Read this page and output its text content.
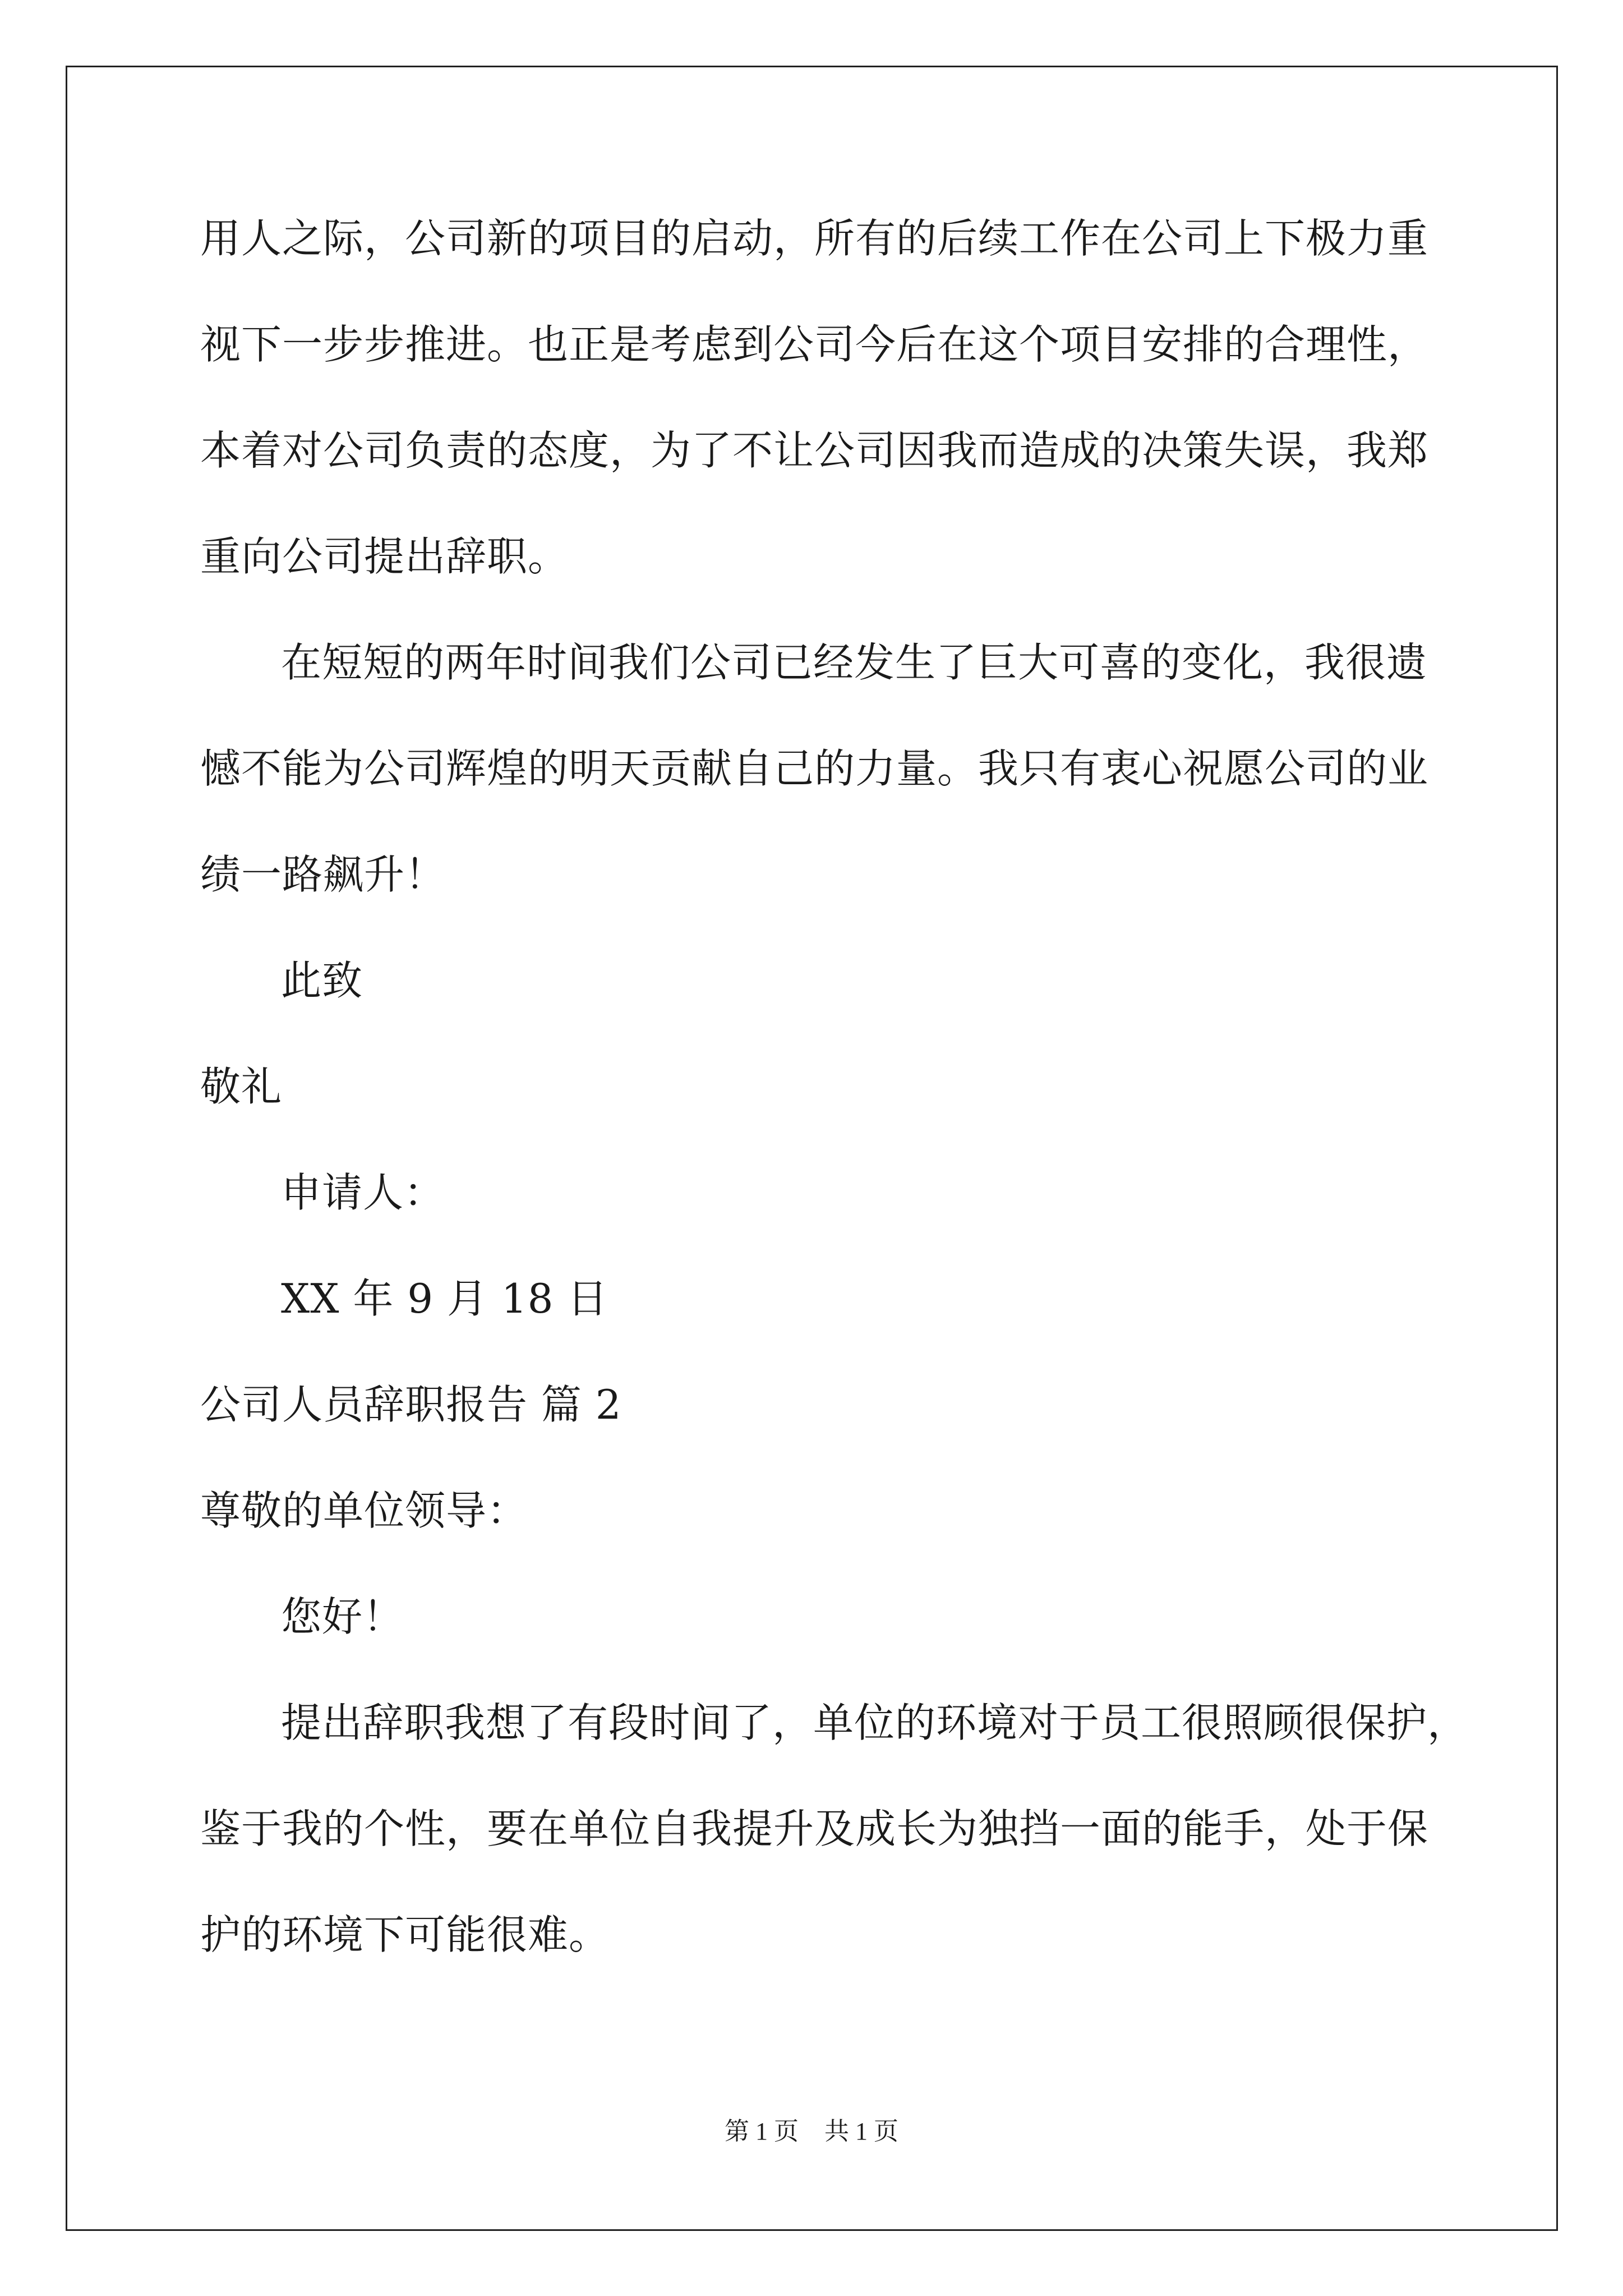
用人之际，公司新的项目的启动，所有的后续工作在公司上下极力重
视下一步步推进。也正是考虑到公司今后在这个项目安排的合理性，
本着对公司负责的态度，为了不让公司因我而造成的决策失误，我郑
重向公司提出辞职。
在短短的两年时间我们公司已经发生了巨大可喜的变化，我很遗
憾不能为公司辉煌的明天贡献自己的力量。我只有衷心祝愿公司的业
绩一路飙升！
此致
敬礼
申请人：
XX 年 9 月 18 日
公司人员辞职报告 篇 2
尊敬的单位领导：
您好！
提出辞职我想了有段时间了，单位的环境对于员工很照顾很保护，
鉴于我的个性，要在单位自我提升及成长为独挡一面的能手，处于保
护的环境下可能很难。
第 1 页 共 1 页
